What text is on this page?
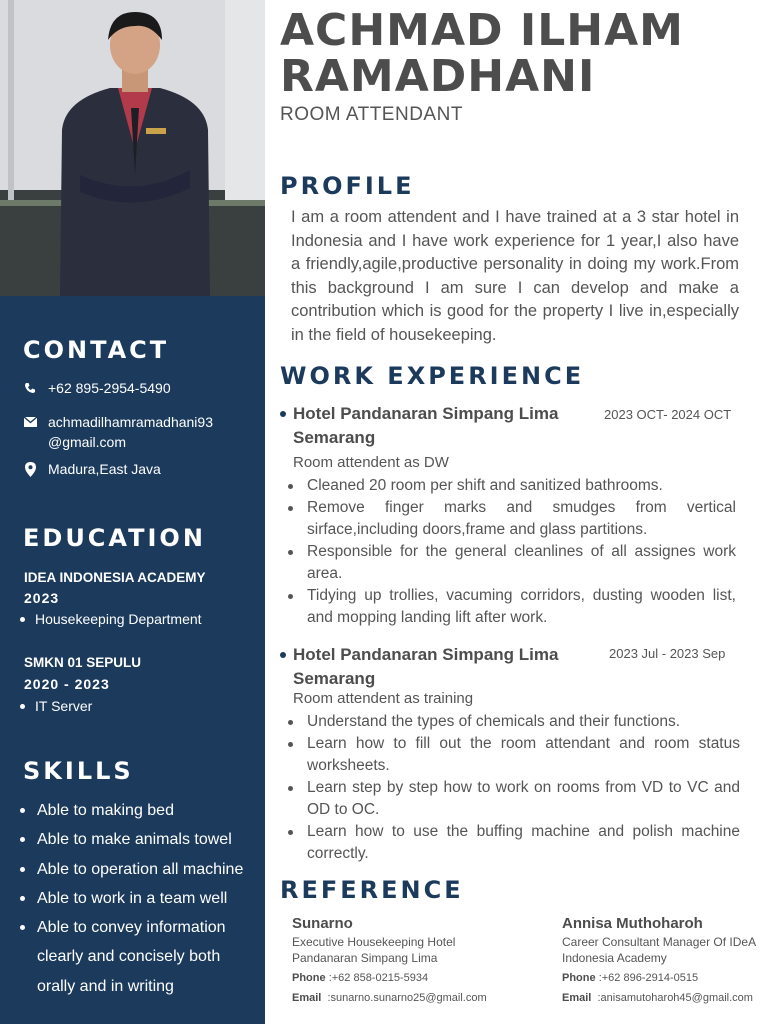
CONTACT
+62 895-2954-5490
achmadilhamramadhani93 @gmail.com
Madura,East Java
EDUCATION
IDEA INDONESIA ACADEMY
2023
Housekeeping Department
SMKN 01 SEPULU
2020 - 2023
IT Server
SKILLS
Able to making bed
Able to make animals towel
Able to operation all machine
Able to work in a team well
Able to convey information clearly and concisely both orally and in writing
ACHMAD ILHAM RAMADHANI
ROOM ATTENDANT
PROFILE
I am a room attendent and I have trained at a 3 star hotel in Indonesia and I have work experience for 1 year,I also have a friendly,agile,productive personality in doing my work.From this background I am sure I can develop and make a contribution which is good for the property I live in,especially in the field of housekeeping.
WORK EXPERIENCE
Hotel Pandanaran Simpang Lima Semarang
2023 OCT- 2024 OCT
Room attendent as DW
Cleaned 20 room per shift and sanitized bathrooms.
Remove finger marks and smudges from vertical sirface,including doors,frame and glass partitions.
Responsible for the general cleanlines of all assignes work area.
Tidying up trollies, vacuming corridors, dusting wooden list, and mopping landing lift after work.
Hotel Pandanaran Simpang Lima Semarang
2023 Jul - 2023 Sep
Room attendent as training
Understand the types of chemicals and their functions.
Learn how to fill out the room attendant and room status worksheets.
Learn step by step how to work on rooms from VD to VC and OD to OC.
Learn how to use the buffing machine and polish machine correctly.
REFERENCE
Sunarno
Executive Housekeeping Hotel Pandanaran Simpang Lima
Phone :+62 858-0215-5934
Email :sunarno.sunarno25@gmail.com
Annisa Muthoharoh
Career Consultant Manager Of IDeA Indonesia Academy
Phone :+62 896-2914-0515
Email :anisamutoharoh45@gmail.com
